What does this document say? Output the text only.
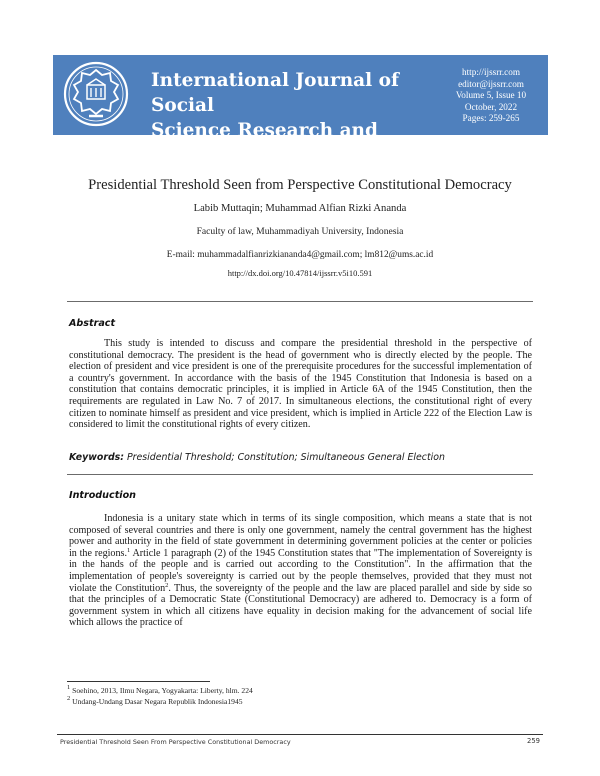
International Journal of Social
Science Research and Review
http://ijssrr.com
editor@ijssrr.com
Volume 5, Issue 10
October, 2022
Pages: 259-265
Presidential Threshold Seen from Perspective Constitutional Democracy
Labib Muttaqin; Muhammad Alfian Rizki Ananda
Faculty of law, Muhammadiyah University, Indonesia
E-mail: muhammadalfianrizkiananda4@gmail.com; lm812@ums.ac.id
http://dx.doi.org/10.47814/ijssrr.v5i10.591
Abstract

This study is intended to discuss and compare the presidential threshold in the perspective of constitutional democracy. The president is the head of government who is directly elected by the people. The election of president and vice president is one of the prerequisite procedures for the successful implementation of a country's government. In accordance with the basis of the 1945 Constitution that Indonesia is based on a constitution that contains democratic principles, it is implied in Article 6A of the 1945 Constitution, then the requirements are regulated in Law No. 7 of 2017. In simultaneous elections, the constitutional right of every citizen to nominate himself as president and vice president, which is implied in Article 222 of the Election Law is considered to limit the constitutional rights of every citizen.

Keywords: Presidential Threshold; Constitution; Simultaneous General Election
Introduction

Indonesia is a unitary state which in terms of its single composition, which means a state that is not composed of several countries and there is only one government, namely the central government has the highest power and authority in the field of state government in determining government policies at the center or policies in the regions.$^1$ Article 1 paragraph (2) of the 1945 Constitution states that "The implementation of Sovereignty is in the hands of the people and is carried out according to the Constitution". In the affirmation that the implementation of people's sovereignty is carried out by the people themselves, provided that they must not violate the Constitution$^2$. Thus, the sovereignty of the people and the law are placed parallel and side by side so that the principles of a Democratic State (Constitutional Democracy) are adhered to. Democracy is a form of government system in which all citizens have equality in decision making for the advancement of social life which allows the practice of

$^1$ Soehino, 2013, Ilmu Negara, Yogyakarta: Liberty, hlm. 224
$^2$ Undang-Undang Dasar Negara Republik Indonesia1945
Presidential Threshold Seen From Perspective Constitutional Democracy	259
